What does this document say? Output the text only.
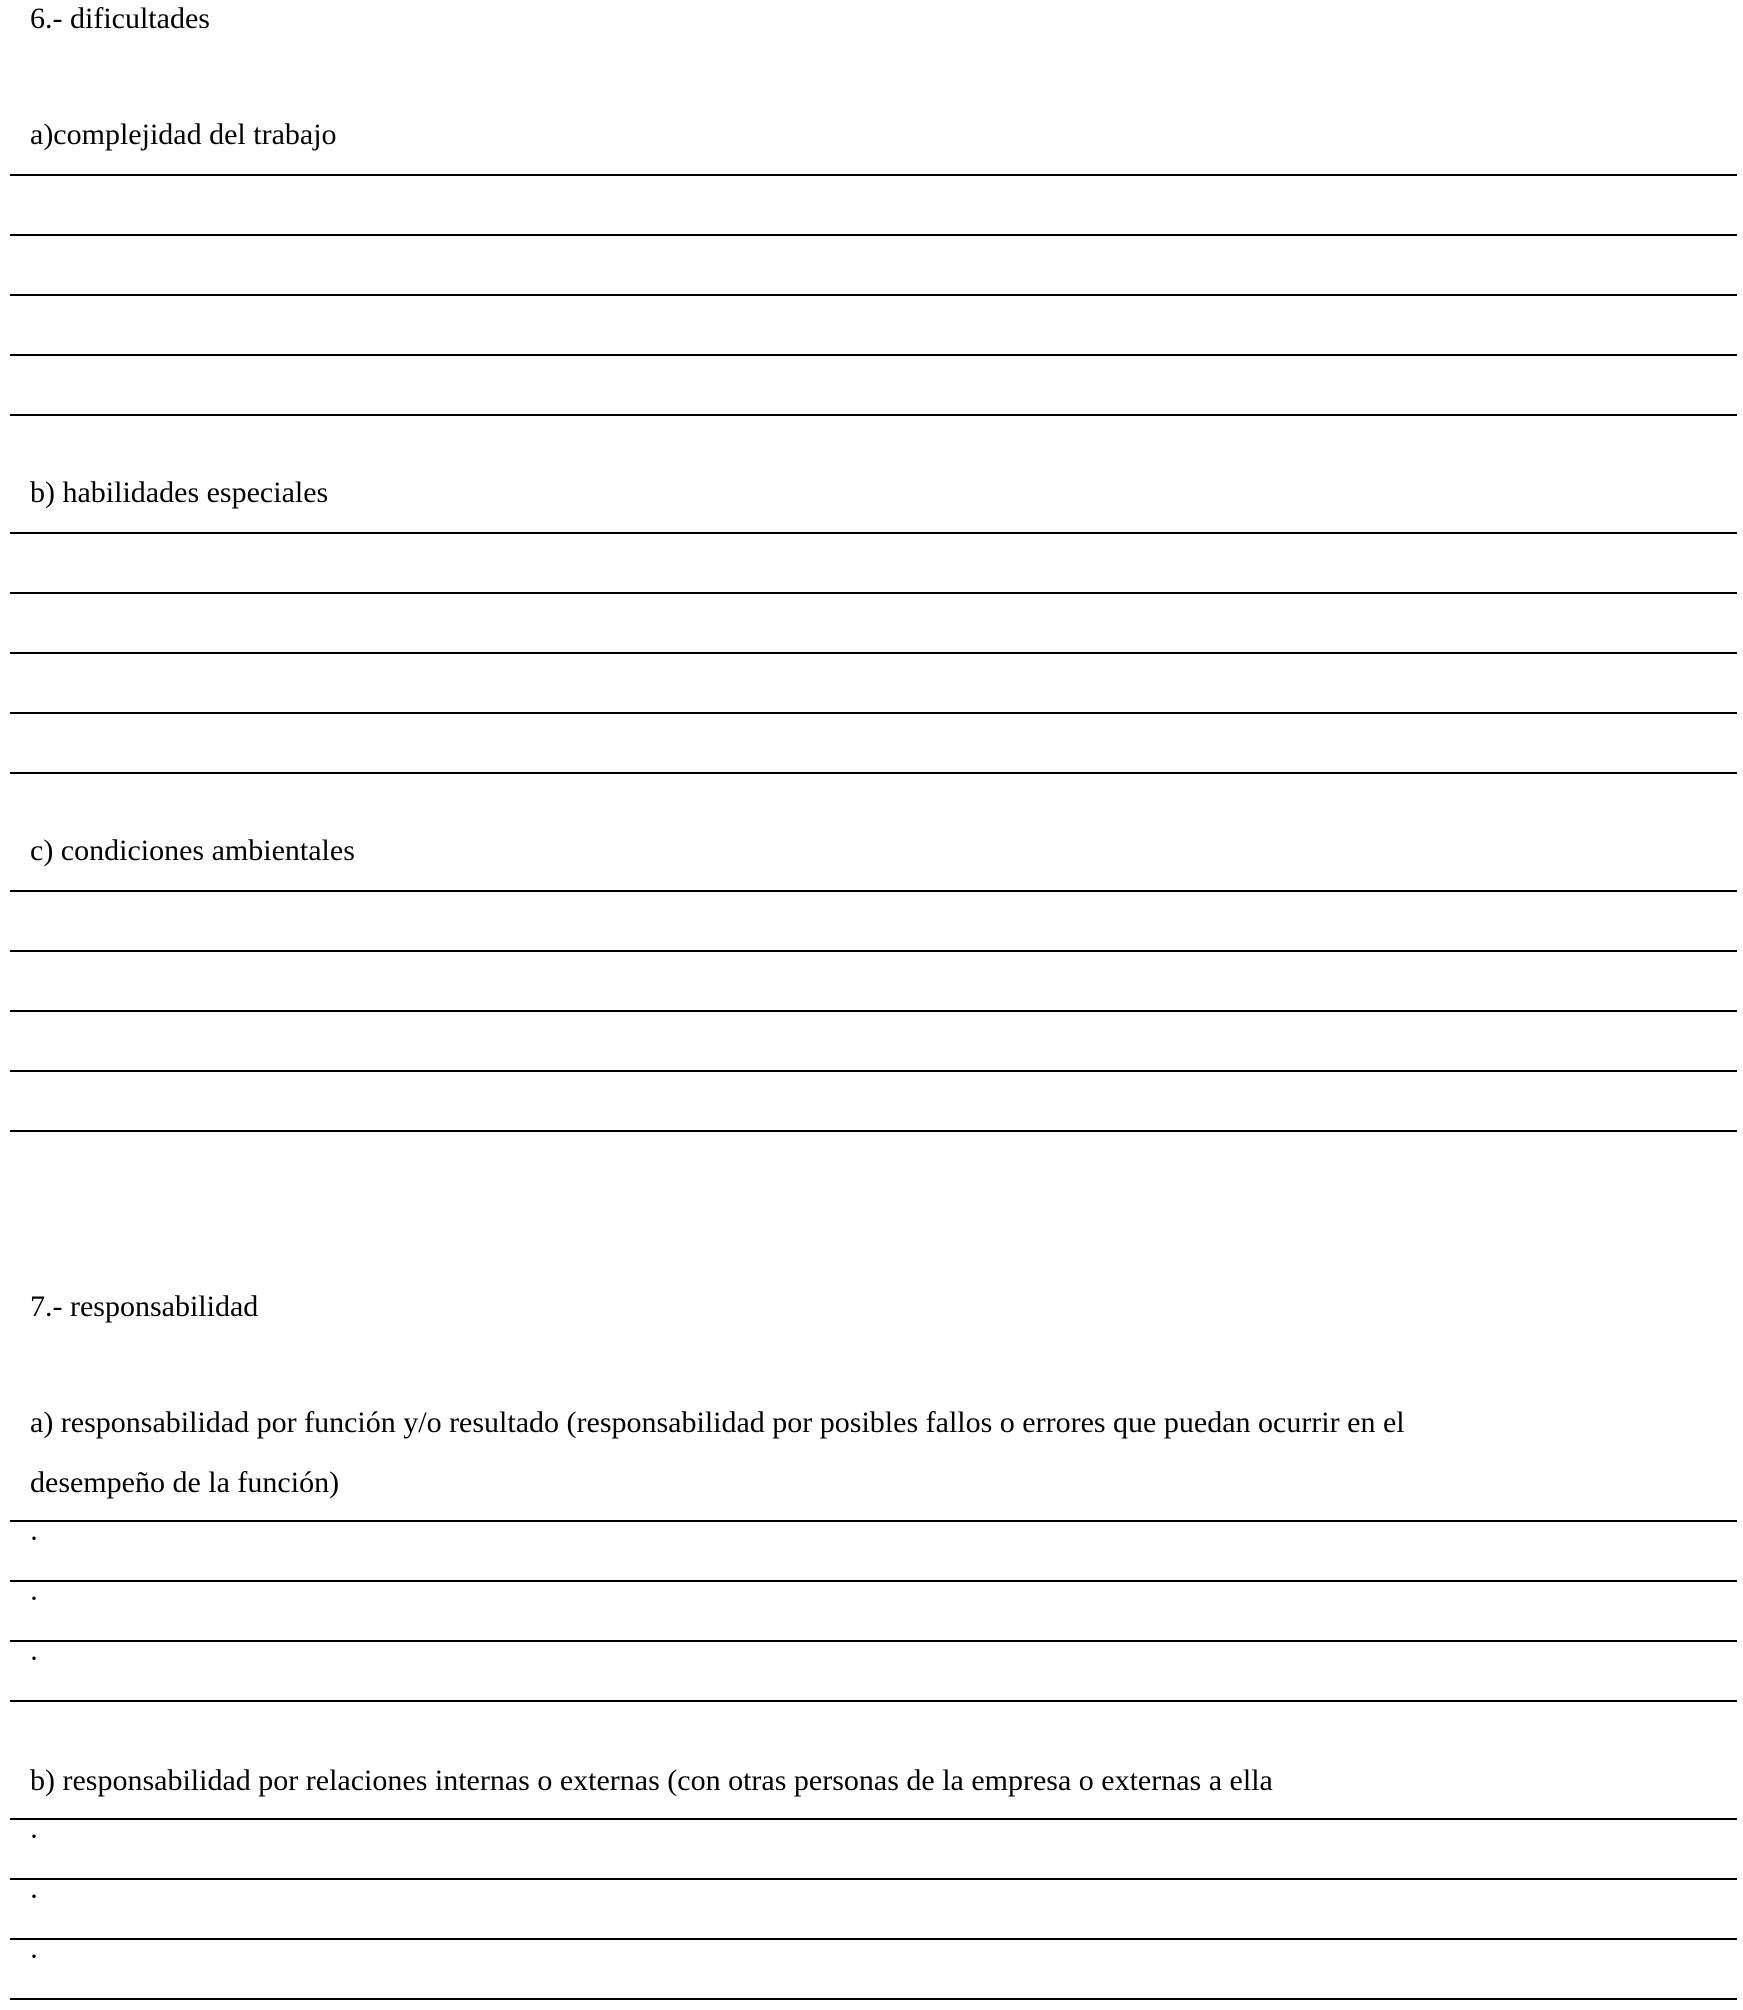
6.- dificultades
a)complejidad del trabajo
b) habilidades especiales
c) condiciones ambientales
7.- responsabilidad
a) responsabilidad por función y/o resultado (responsabilidad por posibles fallos o errores que puedan ocurrir en el
desempeño de la función)
·
·
·
b) responsabilidad por relaciones internas o externas (con otras personas de la empresa o externas a ella
·
·
·
